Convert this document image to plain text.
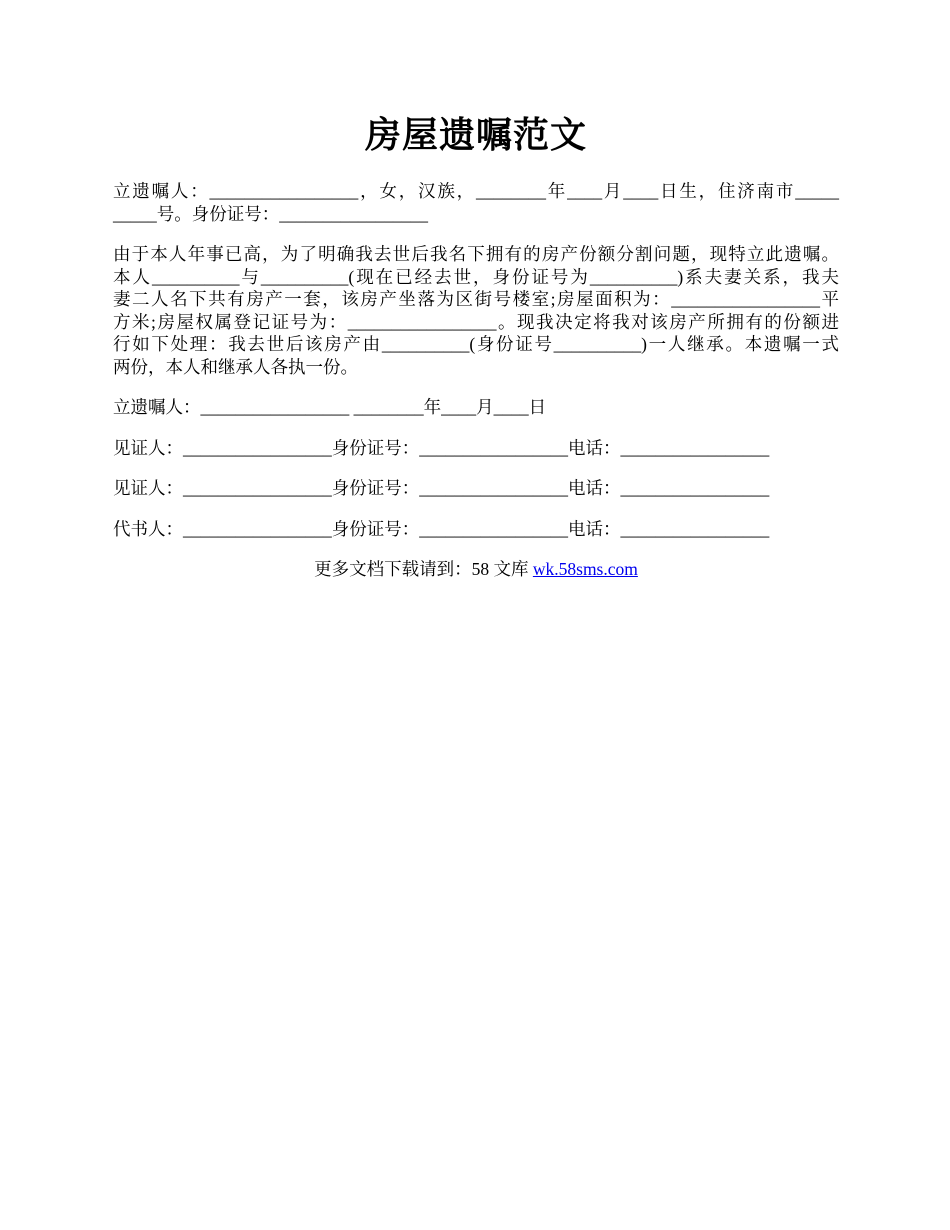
房屋遗嘱范文
立遗嘱人：_________________，女，汉族，________年____月____日生，住济南市_____
_____号。身份证号：_________________
由于本人年事已高，为了明确我去世后我名下拥有的房产份额分割问题，现特立此遗嘱。
本人__________与__________(现在已经去世，身份证号为__________)系夫妻关系，我夫
妻二人名下共有房产一套，该房产坐落为区街号楼室;房屋面积为：_________________平
方米;房屋权属登记证号为：_________________。现我决定将我对该房产所拥有的份额进
行如下处理：我去世后该房产由__________(身份证号__________)一人继承。本遗嘱一式
两份，本人和继承人各执一份。
立遗嘱人：_________________ ________年____月____日
见证人：_________________身份证号：_________________电话：_________________
见证人：_________________身份证号：_________________电话：_________________
代书人：_________________身份证号：_________________电话：_________________
更多文档下载请到：58 文库 wk.58sms.com
